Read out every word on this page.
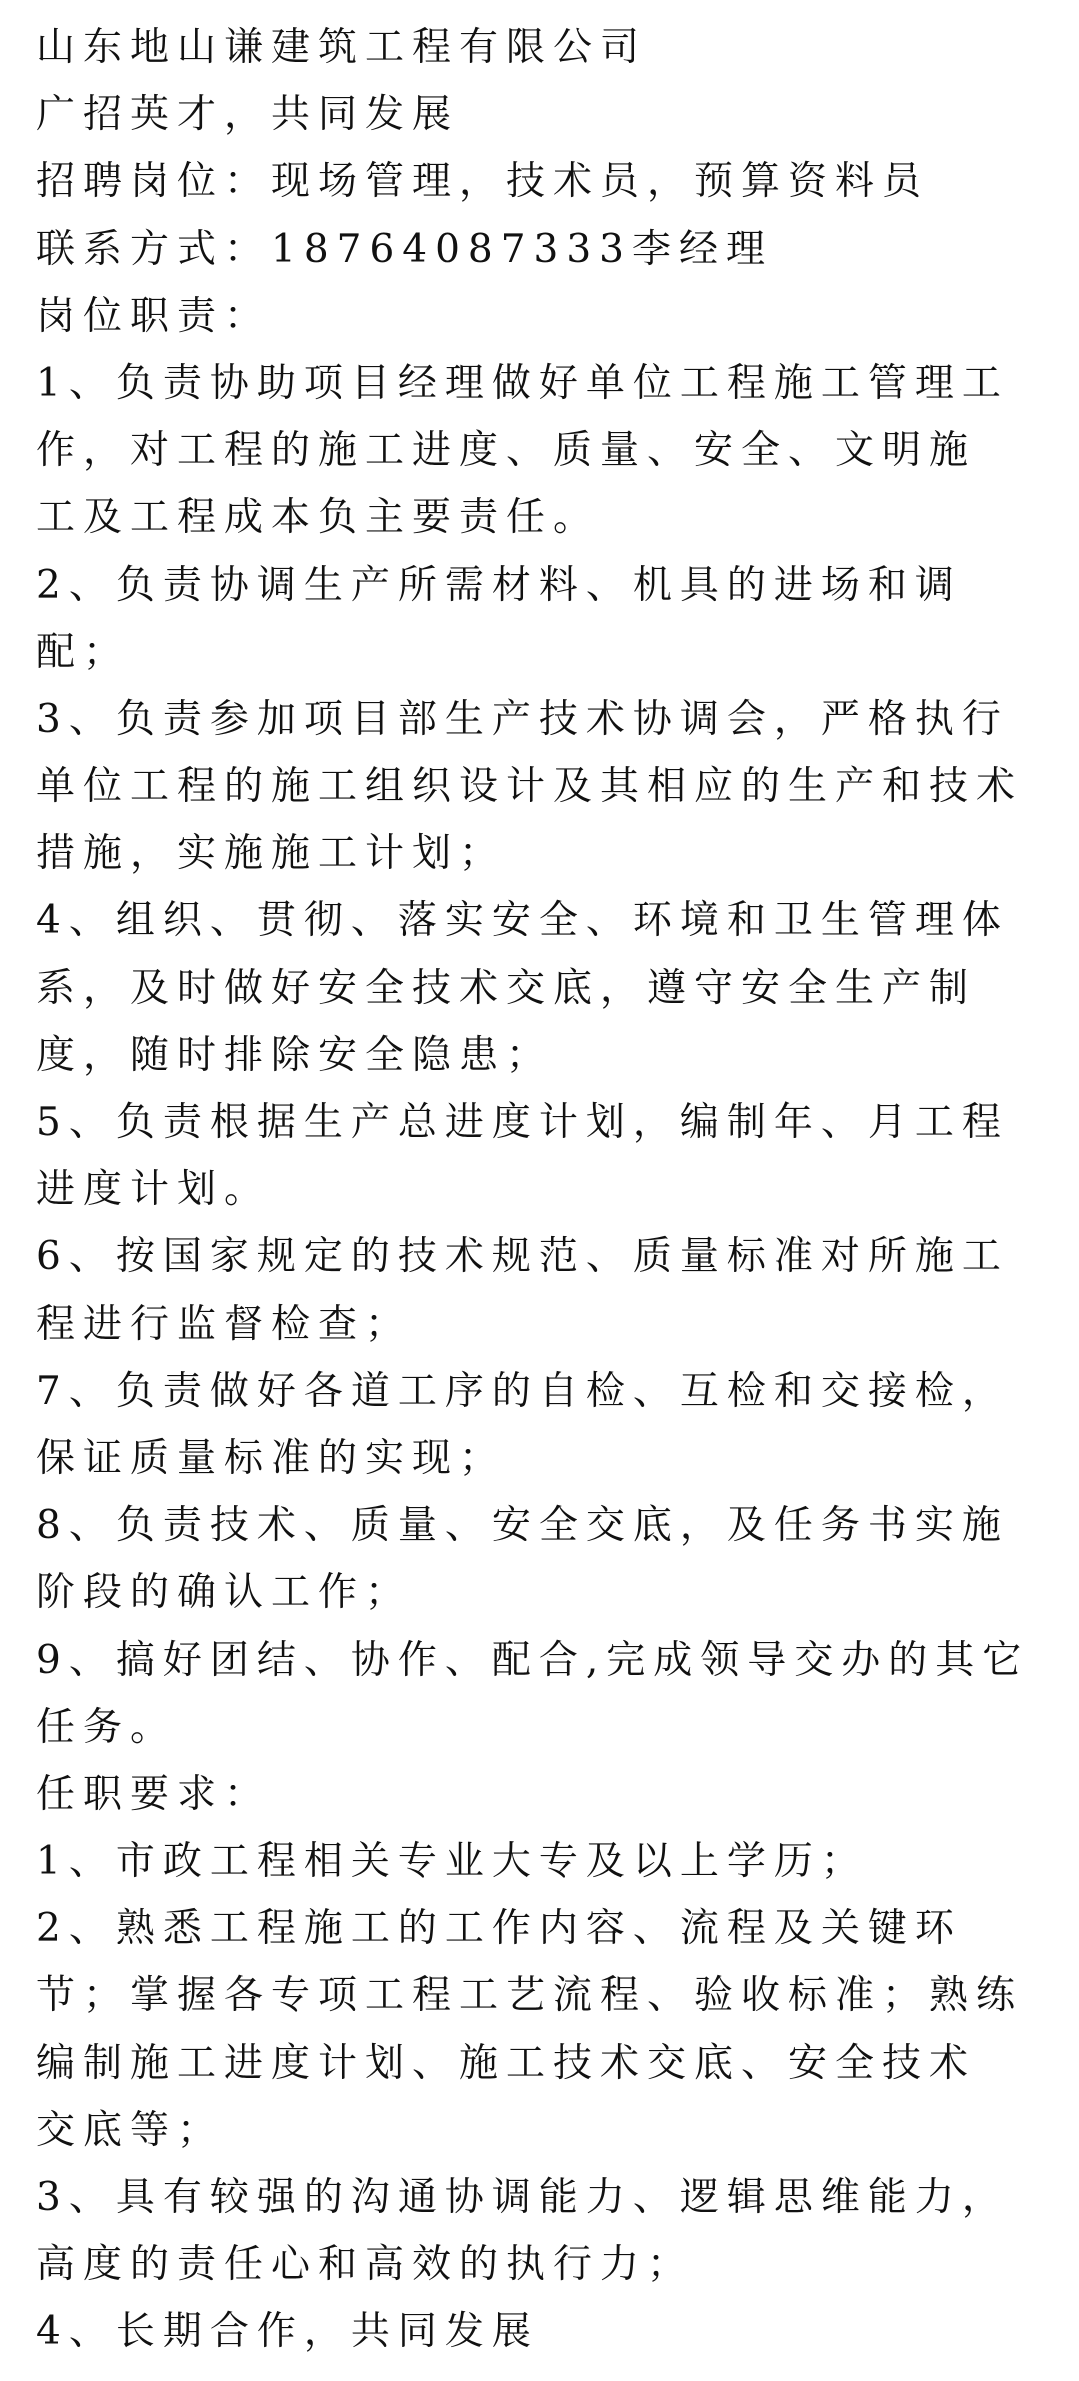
山东地山谦建筑工程有限公司

广招英才，共同发展

招聘岗位：现场管理，技术员，预算资料员

联系方式：18764087333李经理

岗位职责：

1、负责协助项目经理做好单位工程施工管理工

作，对工程的施工进度、质量、安全、文明施

工及工程成本负主要责任。

2、负责协调生产所需材料、机具的进场和调

配；

3、负责参加项目部生产技术协调会，严格执行

单位工程的施工组织设计及其相应的生产和技术

措施，实施施工计划；

4、组织、贯彻、落实安全、环境和卫生管理体

系，及时做好安全技术交底，遵守安全生产制

度，随时排除安全隐患；

5、负责根据生产总进度计划，编制年、月工程

进度计划。

6、按国家规定的技术规范、质量标准对所施工

程进行监督检查；

7、负责做好各道工序的自检、互检和交接检，

保证质量标准的实现；

8、负责技术、质量、安全交底，及任务书实施

阶段的确认工作；

9、搞好团结、协作、配合,完成领导交办的其它

任务。

任职要求：

1、市政工程相关专业大专及以上学历；

2、熟悉工程施工的工作内容、流程及关键环

节；掌握各专项工程工艺流程、验收标准；熟练

编制施工进度计划、施工技术交底、安全技术

交底等；

3、具有较强的沟通协调能力、逻辑思维能力，

高度的责任心和高效的执行力；

4、长期合作，共同发展
